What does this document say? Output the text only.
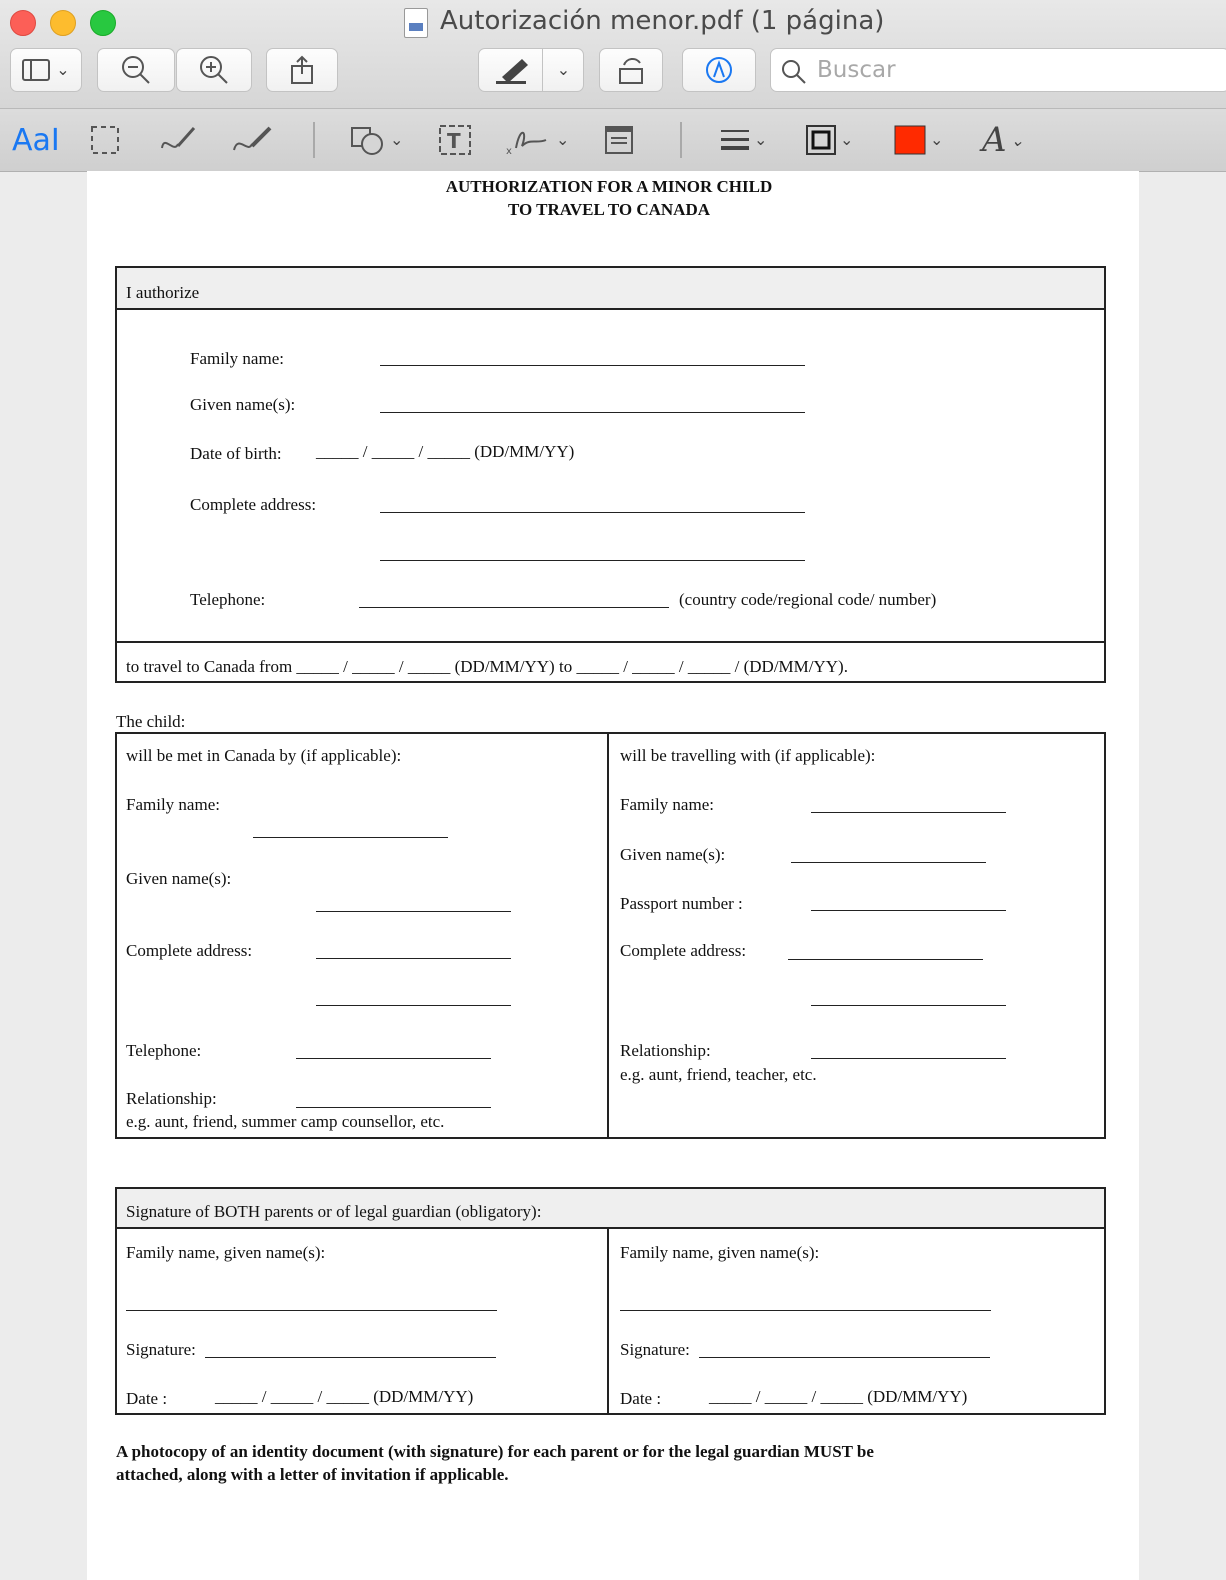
Autorización menor.pdf (1 página)
⌄	⌄	Buscar
AaI	⌄ T	x
⌄	⌄	⌄	⌄ A ⌄
AUTHORIZATION FOR A MINOR CHILD
TO TRAVEL TO CANADA
I authorize
Family name:
Given name(s):
Date of birth: _____ / _____ / _____ (DD/MM/YY)
Complete address:
Telephone:	(country code/regional code/ number)
to travel to Canada from _____ / _____ / _____ (DD/MM/YY) to _____ / _____ / _____ / (DD/MM/YY).
The child:
will be met in Canada by (if applicable):
Family name:
Given name(s):
Complete address:
Telephone:
Relationship:
e.g. aunt, friend, summer camp counsellor, etc.
will be travelling with (if applicable):
Family name:
Given name(s):
Passport number :
Complete address:
Relationship:
e.g. aunt, friend, teacher, etc.
Signature of BOTH parents or of legal guardian (obligatory):
Family name, given name(s):
Signature:
Date :	_____ / _____ / _____ (DD/MM/YY)
Family name, given name(s):
Signature:
Date :	_____ / _____ / _____ (DD/MM/YY)
A photocopy of an identity document (with signature) for each parent or for the legal guardian MUST be
attached, along with a letter of invitation if applicable.
